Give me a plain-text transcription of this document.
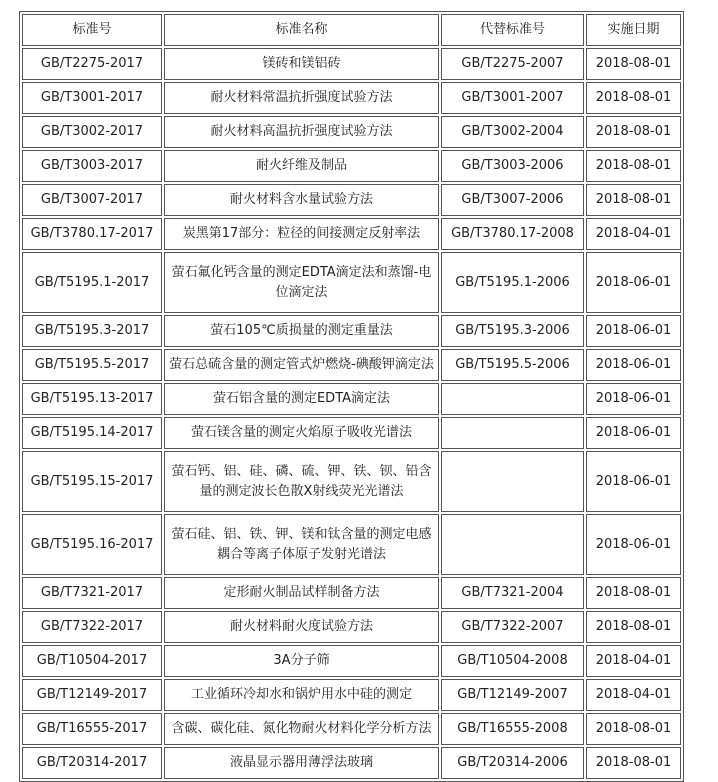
标准号	标准名称	代替标准号	实施日期
GB/T2275-2017	镁砖和镁铝砖	GB/T2275-2007	2018-08-01
GB/T3001-2017	耐火材料常温抗折强度试验方法	GB/T3001-2007	2018-08-01
GB/T3002-2017	耐火材料高温抗折强度试验方法	GB/T3002-2004	2018-08-01
GB/T3003-2017	耐火纤维及制品	GB/T3003-2006	2018-08-01
GB/T3007-2017	耐火材料含水量试验方法	GB/T3007-2006	2018-08-01
GB/T3780.17-2017	炭黑第17部分：粒径的间接测定反射率法	GB/T3780.17-2008	2018-04-01
GB/T5195.1-2017	萤石氟化钙含量的测定EDTA滴定法和蒸馏-电位滴定法	GB/T5195.1-2006	2018-06-01
GB/T5195.3-2017	萤石105℃质损量的测定重量法	GB/T5195.3-2006	2018-06-01
GB/T5195.5-2017	萤石总硫含量的测定管式炉燃烧-碘酸钾滴定法	GB/T5195.5-2006	2018-06-01
GB/T5195.13-2017	萤石铝含量的测定EDTA滴定法		2018-06-01
GB/T5195.14-2017	萤石镁含量的测定火焰原子吸收光谱法		2018-06-01
GB/T5195.15-2017	萤石钙、铝、硅、磷、硫、钾、铁、钡、铅含量的测定波长色散X射线荧光光谱法		2018-06-01
GB/T5195.16-2017	萤石硅、铝、铁、钾、镁和钛含量的测定电感耦合等离子体原子发射光谱法		2018-06-01
GB/T7321-2017	定形耐火制品试样制备方法	GB/T7321-2004	2018-08-01
GB/T7322-2017	耐火材料耐火度试验方法	GB/T7322-2007	2018-08-01
GB/T10504-2017	3A分子筛	GB/T10504-2008	2018-04-01
GB/T12149-2017	工业循环冷却水和锅炉用水中硅的测定	GB/T12149-2007	2018-04-01
GB/T16555-2017	含碳、碳化硅、氮化物耐火材料化学分析方法	GB/T16555-2008	2018-08-01
GB/T20314-2017	液晶显示器用薄浮法玻璃	GB/T20314-2006	2018-08-01
